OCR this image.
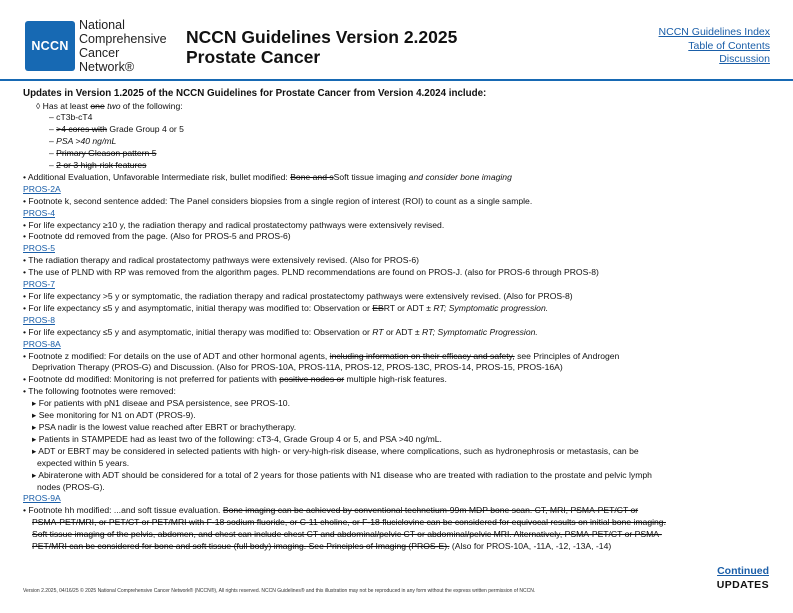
NCCN
National
Comprehensive
Cancer
Network®
NCCN Guidelines Version 2.2025
Prostate Cancer
NCCN Guidelines Index
Table of Contents
Discussion
Updates in Version 1.2025 of the NCCN Guidelines for Prostate Cancer from Version 4.2024 include:
◊ Has at least one two of the following:
– cT3b-cT4
– >4 cores with Grade Group 4 or 5
– PSA >40 ng/mL
– Primary Gleason pattern 5
– 2 or 3 high-risk features
• Additional Evaluation, Unfavorable Intermediate risk, bullet modified: Bone and sSoft tissue imaging and consider bone imaging
PROS-2A
• Footnote k, second sentence added: The Panel considers biopsies from a single region of interest (ROI) to count as a single sample.
PROS-4
• For life expectancy ≥10 y, the radiation therapy and radical prostatectomy pathways were extensively revised.
• Footnote dd removed from the page. (Also for PROS-5 and PROS-6)
PROS-5
• The radiation therapy and radical prostatectomy pathways were extensively revised. (Also for PROS-6)
• The use of PLND with RP was removed from the algorithm pages. PLND recommendations are found on PROS-J. (also for PROS-6 through PROS-8)
PROS-7
• For life expectancy >5 y or symptomatic, the radiation therapy and radical prostatectomy pathways were extensively revised. (Also for PROS-8)
• For life expectancy ≤5 y and asymptomatic, initial therapy was modified to: Observation or EBRT or ADT ± RT; Symptomatic progression.
PROS-8
• For life expectancy ≤5 y and asymptomatic, initial therapy was modified to: Observation or RT or ADT ± RT; Symptomatic Progression.
PROS-8A
• Footnote z modified: For details on the use of ADT and other hormonal agents, including information on their efficacy and safety, see Principles of Androgen
Deprivation Therapy (PROS-G) and Discussion. (Also for PROS-10A, PROS-11A, PROS-12, PROS-13C, PROS-14, PROS-15, PROS-16A)
• Footnote dd modified: Monitoring is not preferred for patients with positive nodes or multiple high-risk features.
• The following footnotes were removed:
▸ For patients with pN1 diseae and PSA persistence, see PROS-10.
▸ See monitoring for N1 on ADT (PROS-9).
▸ PSA nadir is the lowest value reached after EBRT or brachytherapy.
▸ Patients in STAMPEDE had as least two of the following: cT3-4, Grade Group 4 or 5, and PSA >40 ng/mL.
▸ ADT or EBRT may be considered in selected patients with high- or very-high-risk disease, where complications, such as hydronephrosis or metastasis, can be
expected within 5 years.
▸ Abiraterone with ADT should be considered for a total of 2 years for those patients with N1 disease who are treated with radiation to the prostate and pelvic lymph
nodes (PROS-G).
PROS-9A
• Footnote hh modified: ...and soft tissue evaluation. Bone imaging can be achieved by conventional technetium-99m MDP bone scan. CT, MRI, PSMA-PET/CT or
PSMA-PET/MRI, or PET/CT or PET/MRI with F-18 sodium fluoride, or C-11 choline, or F-18 fluciclovine can be considered for equivocal results on initial bone imaging.
Soft tissue imaging of the pelvis, abdomen, and chest can include chest CT and abdominal/pelvic CT or abdominal/pelvic MRI. Alternatively, PSMA-PET/CT or PSMA-
PET/MRI can be considered for bone and soft tissue (full body) imaging. See Principles of Imaging (PROS-E). (Also for PROS-10A, -11A, -12, -13A, -14)
Continued
UPDATES
Version 2.2025, 04/16/25 © 2025 National Comprehensive Cancer Network® (NCCN®), All rights reserved. NCCN Guidelines® and this illustration may not be reproduced in any form without the express written permission of NCCN.
